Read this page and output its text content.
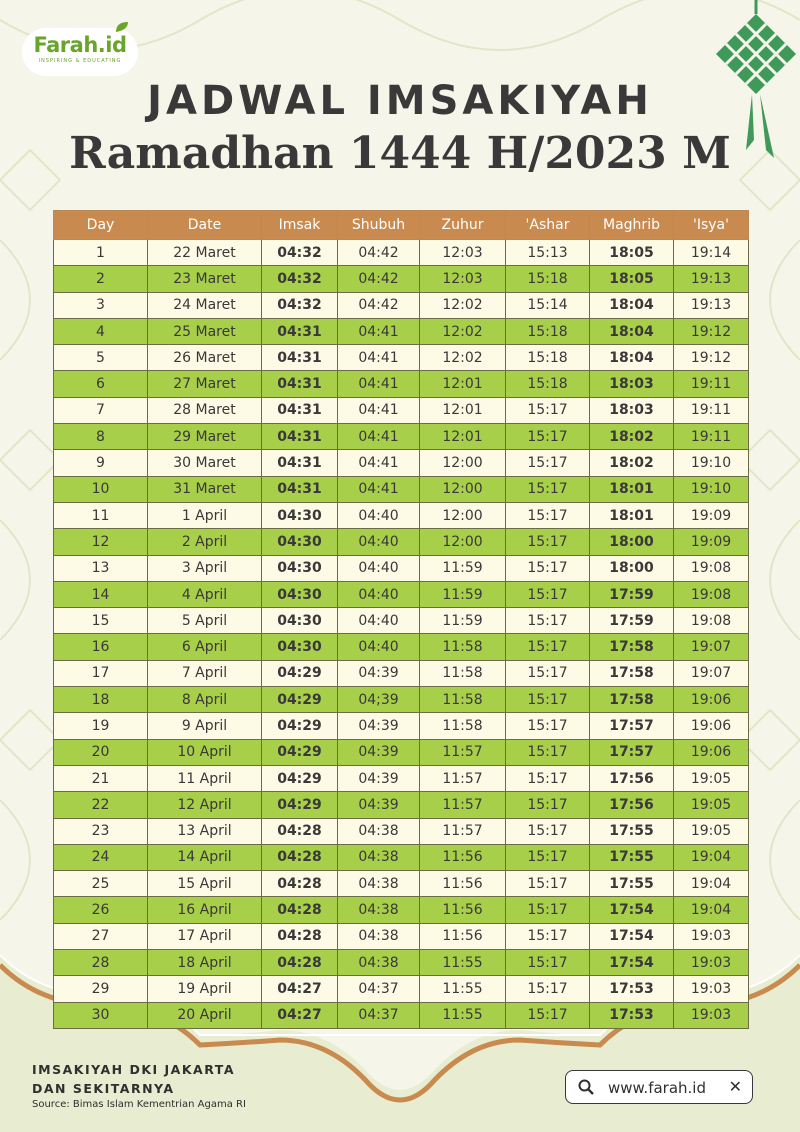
Farah.id
INSPIRING & EDUCATING
JADWAL IMSAKIYAH
Ramadhan 1444 H/2023 M
Day	Date	Imsak	Shubuh	Zuhur	'Ashar	Maghrib	'Isya'
1	22 Maret	04:32	04:42	12:03	15:13	18:05	19:14
2	23 Maret	04:32	04:42	12:03	15:18	18:05	19:13
3	24 Maret	04:32	04:42	12:02	15:14	18:04	19:13
4	25 Maret	04:31	04:41	12:02	15:18	18:04	19:12
5	26 Maret	04:31	04:41	12:02	15:18	18:04	19:12
6	27 Maret	04:31	04:41	12:01	15:18	18:03	19:11
7	28 Maret	04:31	04:41	12:01	15:17	18:03	19:11
8	29 Maret	04:31	04:41	12:01	15:17	18:02	19:11
9	30 Maret	04:31	04:41	12:00	15:17	18:02	19:10
10	31 Maret	04:31	04:41	12:00	15:17	18:01	19:10
11	1 April	04:30	04:40	12:00	15:17	18:01	19:09
12	2 April	04:30	04:40	12:00	15:17	18:00	19:09
13	3 April	04:30	04:40	11:59	15:17	18:00	19:08
14	4 April	04:30	04:40	11:59	15:17	17:59	19:08
15	5 April	04:30	04:40	11:59	15:17	17:59	19:08
16	6 April	04:30	04:40	11:58	15:17	17:58	19:07
17	7 April	04:29	04:39	11:58	15:17	17:58	19:07
18	8 April	04:29	04;39	11:58	15:17	17:58	19:06
19	9 April	04:29	04:39	11:58	15:17	17:57	19:06
20	10 April	04:29	04:39	11:57	15:17	17:57	19:06
21	11 April	04:29	04:39	11:57	15:17	17:56	19:05
22	12 April	04:29	04:39	11:57	15:17	17:56	19:05
23	13 April	04:28	04:38	11:57	15:17	17:55	19:05
24	14 April	04:28	04:38	11:56	15:17	17:55	19:04
25	15 April	04:28	04:38	11:56	15:17	17:55	19:04
26	16 April	04:28	04:38	11:56	15:17	17:54	19:04
27	17 April	04:28	04:38	11:56	15:17	17:54	19:03
28	18 April	04:28	04:38	11:55	15:17	17:54	19:03
29	19 April	04:27	04:37	11:55	15:17	17:53	19:03
30	20 April	04:27	04:37	11:55	15:17	17:53	19:03
IMSAKIYAH DKI JAKARTA
DAN SEKITARNYA
Source: Bimas Islam Kementrian Agama RI
www.farah.id ✕
